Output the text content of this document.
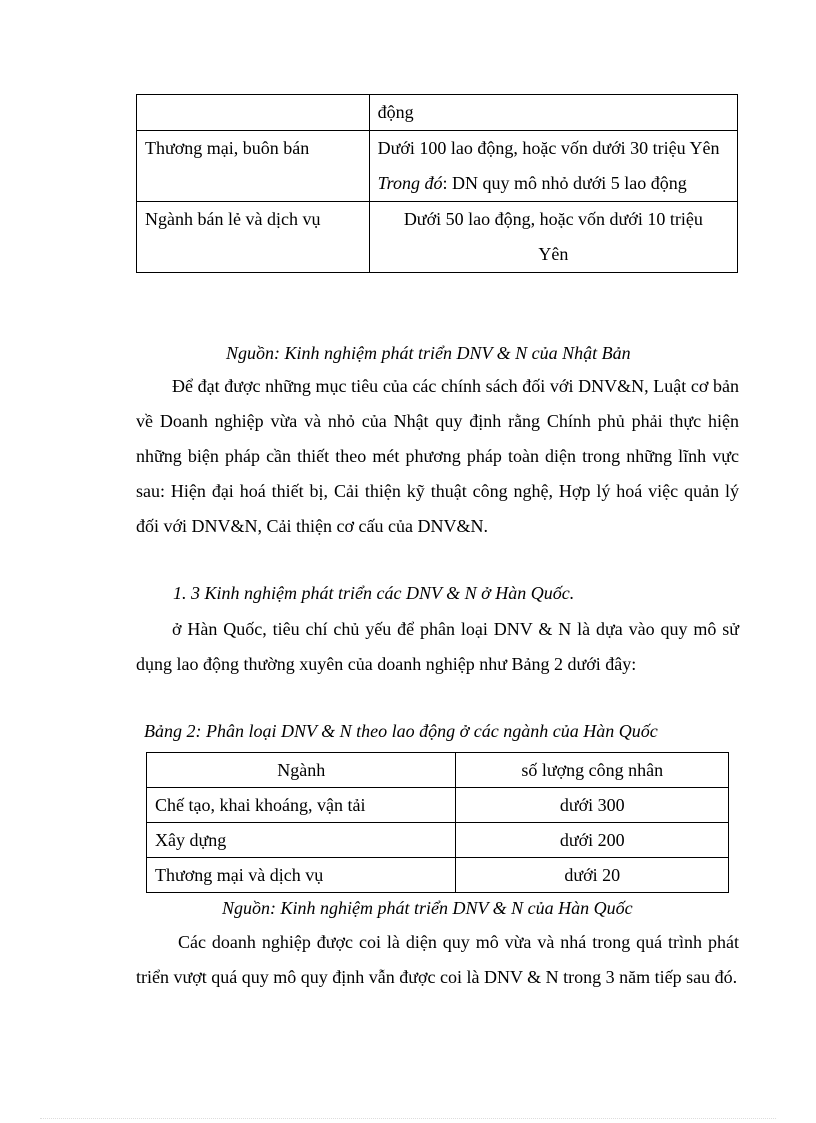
	động
Thương mại, buôn bán	Dưới 100 lao động, hoặc vốn dưới 30 triệu Yên
Trong đó: DN quy mô nhỏ dưới 5 lao động

Ngành bán lẻ và dịch vụ	Dưới 50 lao động, hoặc vốn dưới 10 triệu
Yên
Nguồn: Kinh nghiệm phát triển DNV & N của Nhật Bản
Để đạt được những mục tiêu của các chính sách đối với DNV&N, Luật cơ bản về Doanh nghiệp vừa và nhỏ của Nhật quy định rằng Chính phủ phải thực hiện những biện pháp cần thiết theo mét phương pháp toàn diện trong những lĩnh vực sau: Hiện đại hoá thiết bị, Cải thiện kỹ thuật công nghệ, Hợp lý hoá việc quản lý đối với DNV&N, Cải thiện cơ cấu của DNV&N.
1. 3 Kinh nghiệm phát triển các DNV & N ở Hàn Quốc.
ở Hàn Quốc, tiêu chí chủ yếu để phân loại DNV & N là dựa vào quy mô sử dụng lao động thường xuyên của doanh nghiệp như Bảng 2 dưới đây:
Bảng 2: Phân loại DNV & N theo lao động ở các ngành của Hàn Quốc
Ngành	số lượng công nhân
Chế tạo, khai khoáng, vận tải	dưới 300
Xây dựng	dưới 200
Thương mại và dịch vụ	dưới 20
Nguồn: Kinh nghiệm phát triển DNV & N của Hàn Quốc
Các doanh nghiệp được coi là diện quy mô vừa và nhá trong quá trình phát triển vượt quá quy mô quy định vẫn được coi là DNV & N trong 3 năm tiếp sau đó.
